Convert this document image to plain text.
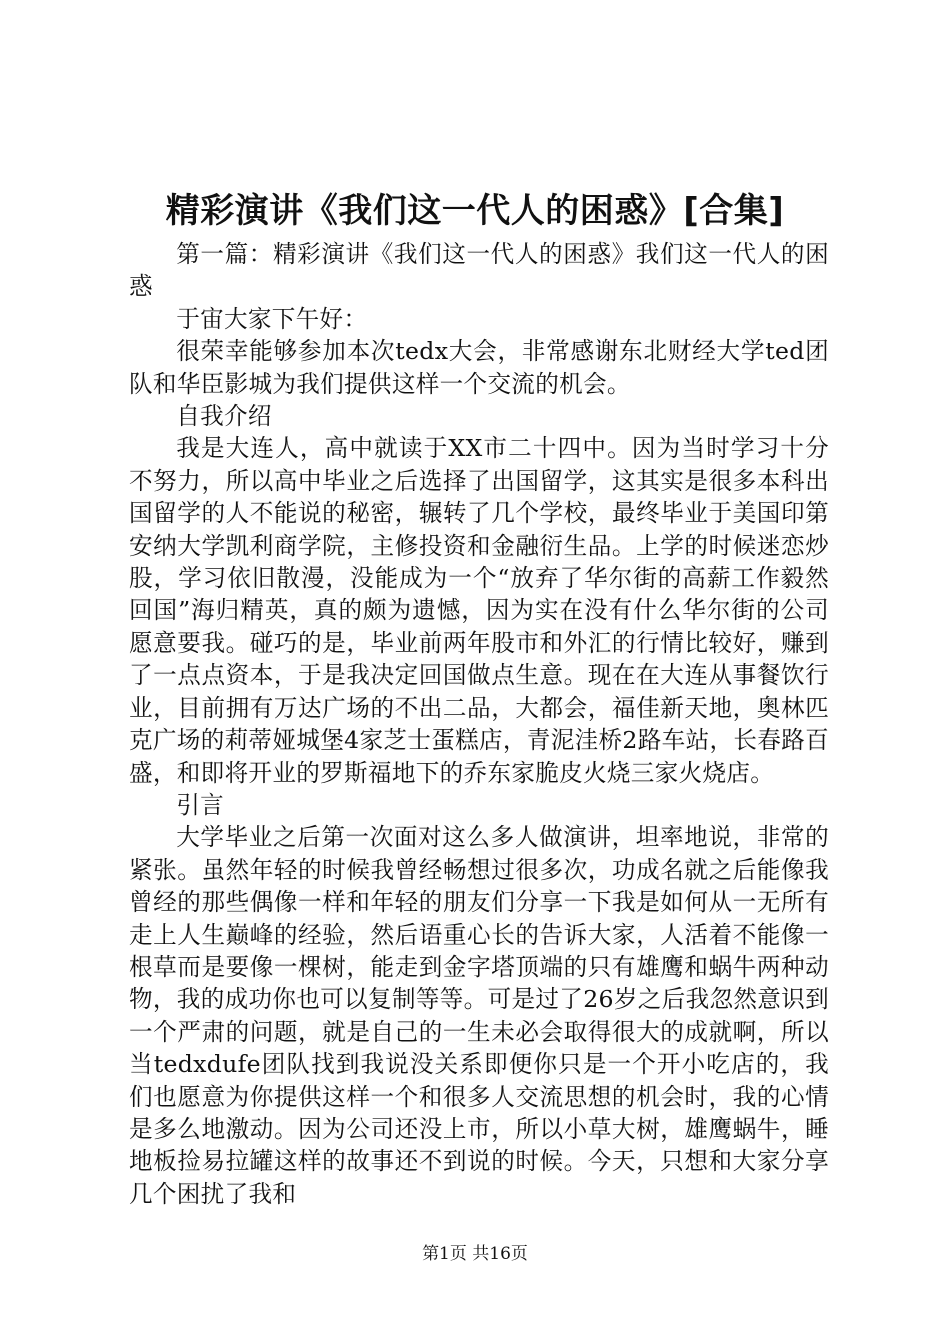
精彩演讲《我们这一代人的困惑》[合集]

第一篇：精彩演讲《我们这一代人的困惑》我们这一代人的困惑

于宙大家下午好：

很荣幸能够参加本次tedx大会，非常感谢东北财经大学ted团队和华臣影城为我们提供这样一个交流的机会。

自我介绍

我是大连人，高中就读于XX市二十四中。因为当时学习十分不努力，所以高中毕业之后选择了出国留学，这其实是很多本科出国留学的人不能说的秘密，辗转了几个学校，最终毕业于美国印第安纳大学凯利商学院，主修投资和金融衍生品。上学的时候迷恋炒股，学习依旧散漫，没能成为一个“放弃了华尔街的高薪工作毅然回国”海归精英，真的颇为遗憾，因为实在没有什么华尔街的公司愿意要我。碰巧的是，毕业前两年股市和外汇的行情比较好，赚到了一点点资本，于是我决定回国做点生意。现在在大连从事餐饮行业，目前拥有万达广场的不出二品，大都会，福佳新天地，奥林匹克广场的莉蒂娅城堡4家芝士蛋糕店，青泥洼桥2路车站，长春路百盛，和即将开业的罗斯福地下的乔东家脆皮火烧三家火烧店。

引言

大学毕业之后第一次面对这么多人做演讲，坦率地说，非常的紧张。虽然年轻的时候我曾经畅想过很多次，功成名就之后能像我曾经的那些偶像一样和年轻的朋友们分享一下我是如何从一无所有走上人生巅峰的经验，然后语重心长的告诉大家，人活着不能像一根草而是要像一棵树，能走到金字塔顶端的只有雄鹰和蜗牛两种动物，我的成功你也可以复制等等。可是过了26岁之后我忽然意识到一个严肃的问题，就是自己的一生未必会取得很大的成就啊，所以当tedxdufe团队找到我说没关系即便你只是一个开小吃店的，我们也愿意为你提供这样一个和很多人交流思想的机会时，我的心情是多么地激动。因为公司还没上市，所以小草大树，雄鹰蜗牛，睡地板捡易拉罐这样的故事还不到说的时候。今天，只想和大家分享几个困扰了我和

第1页 共16页
